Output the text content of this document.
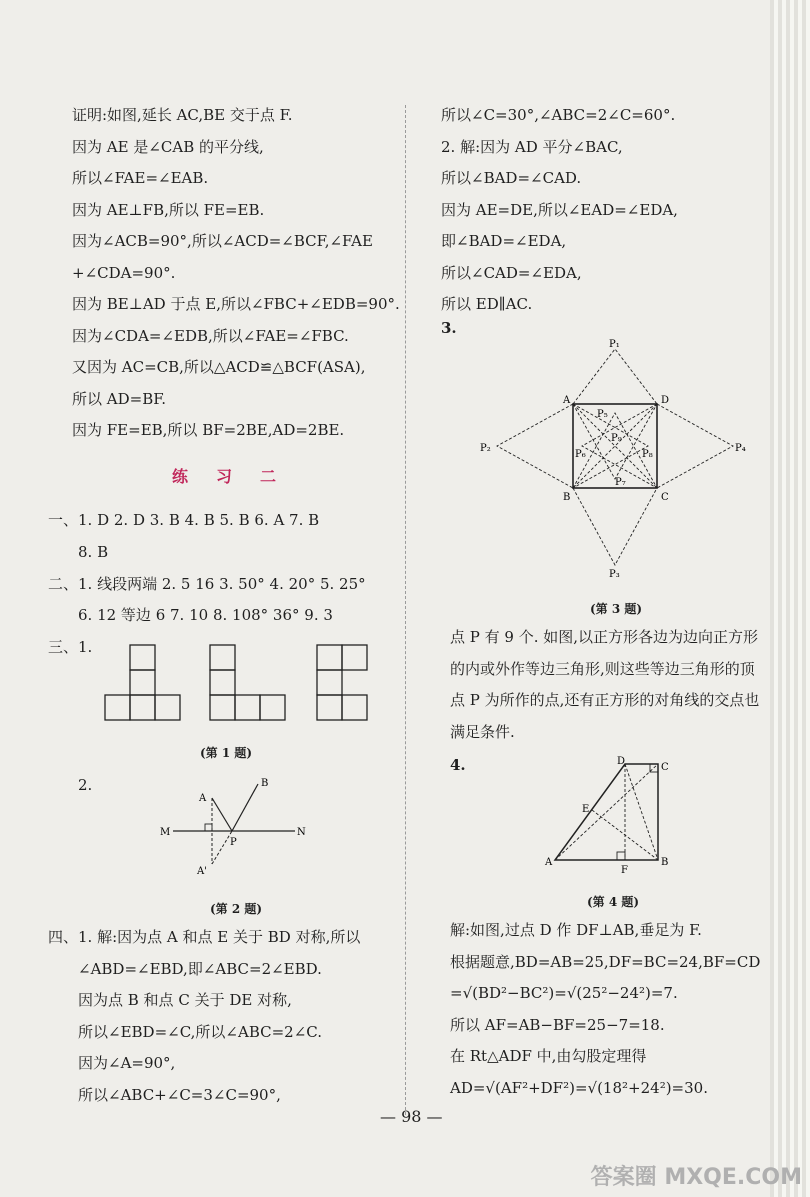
证明:如图,延长 AC,BE 交于点 F.
因为 AE 是∠CAB 的平分线,
所以∠FAE=∠EAB.
因为 AE⊥FB,所以 FE=EB.
因为∠ACB=90°,所以∠ACD=∠BCF,∠FAE
+∠CDA=90°.
因为 BE⊥AD 于点 E,所以∠FBC+∠EDB=90°.
因为∠CDA=∠EDB,所以∠FAE=∠FBC.
又因为 AC=CB,所以△ACD≌△BCF(ASA),
所以 AD=BF.
因为 FE=EB,所以 BF=2BE,AD=2BE.
练习二
一、1. D 2. D 3. B 4. B 5. B 6. A 7. B
8. B
二、1. 线段两端 2. 5 16 3. 50° 4. 20° 5. 25°
6. 12 等边 6 7. 10 8. 108° 36° 9. 3
三、1.
(第 1 题)
2.
A
B
M	N
P
A'
(第 2 题)
四、1. 解:因为点 A 和点 E 关于 BD 对称,所以
∠ABD=∠EBD,即∠ABC=2∠EBD.
因为点 B 和点 C 关于 DE 对称,
所以∠EBD=∠C,所以∠ABC=2∠C.
因为∠A=90°,
所以∠ABC+∠C=3∠C=90°,
所以∠C=30°,∠ABC=2∠C=60°.
2. 解:因为 AD 平分∠BAC,
所以∠BAD=∠CAD.
因为 AE=DE,所以∠EAD=∠EDA,
即∠BAD=∠EDA,
所以∠CAD=∠EDA,
所以 ED∥AC.
3.
P₁
P₂
P₃
P₄
P₅
P₆
P₇
P₈
P₉
A	D
B	C
(第 3 题)
点 P 有 9 个. 如图,以正方形各边为边向正方形
的内或外作等边三角形,则这些等边三角形的顶
点 P 为所作的点,还有正方形的对角线的交点也
满足条件.
4.
A	B
C
D
E
F
(第 4 题)
解:如图,过点 D 作 DF⊥AB,垂足为 F.
根据题意,BD=AB=25,DF=BC=24,BF=CD
=√(BD²−BC²)=√(25²−24²)=7.
所以 AF=AB−BF=25−7=18.
在 Rt△ADF 中,由勾股定理得
AD=√(AF²+DF²)=√(18²+24²)=30.
— 98 —
答案圈 MXQE.COM
